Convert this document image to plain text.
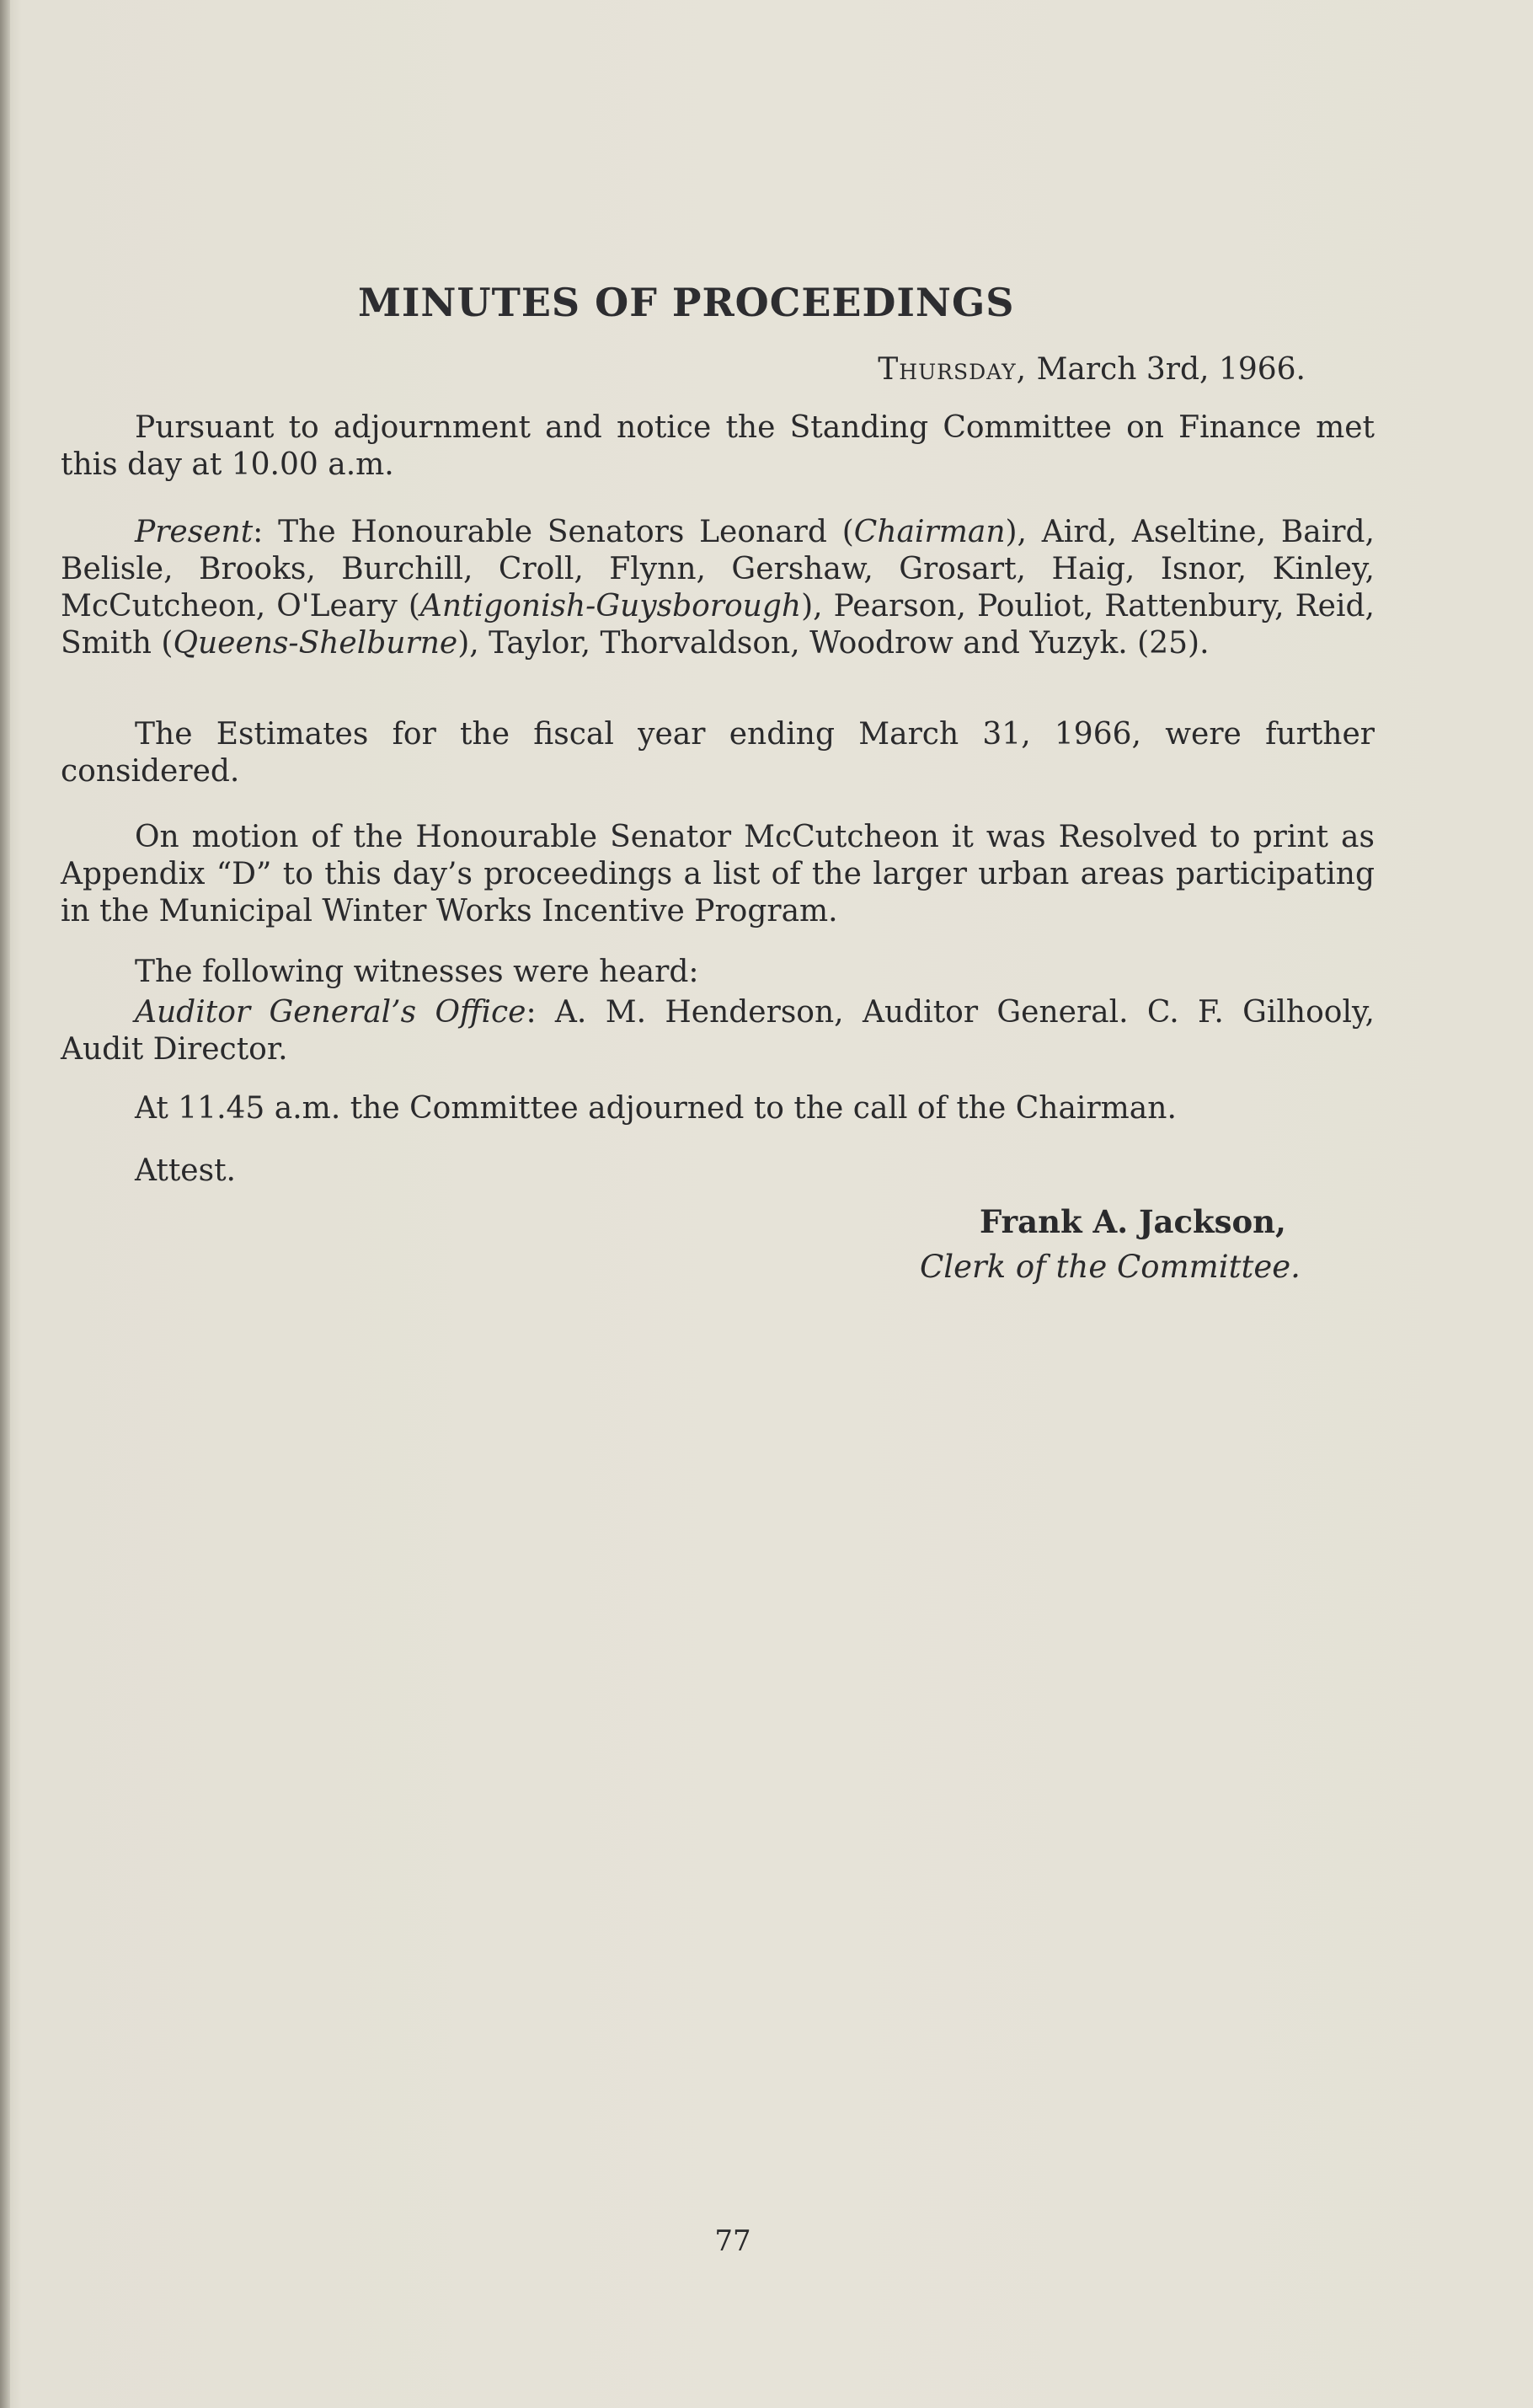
MINUTES OF PROCEEDINGS
Thursday, March 3rd, 1966.

Pursuant to adjournment and notice the Standing Committee on Finance met this day at 10.00 a.m.

Present: The Honourable Senators Leonard (Chairman), Aird, Aseltine, Baird, Belisle, Brooks, Burchill, Croll, Flynn, Gershaw, Grosart, Haig, Isnor, Kinley, McCutcheon, O'Leary (Antigonish-Guysborough), Pearson, Pouliot, Rattenbury, Reid, Smith (Queens-Shelburne), Taylor, Thorvaldson, Woodrow and Yuzyk. (25).

The Estimates for the fiscal year ending March 31, 1966, were further considered.

On motion of the Honourable Senator McCutcheon it was Resolved to print as Appendix “D” to this day’s proceedings a list of the larger urban areas participating in the Municipal Winter Works Incentive Program.

The following witnesses were heard:

Auditor General’s Office: A. M. Henderson, Auditor General. C. F. Gilhooly, Audit Director.

At 11.45 a.m. the Committee adjourned to the call of the Chairman.

Attest.

Frank A. Jackson,
Clerk of the Committee.
77
